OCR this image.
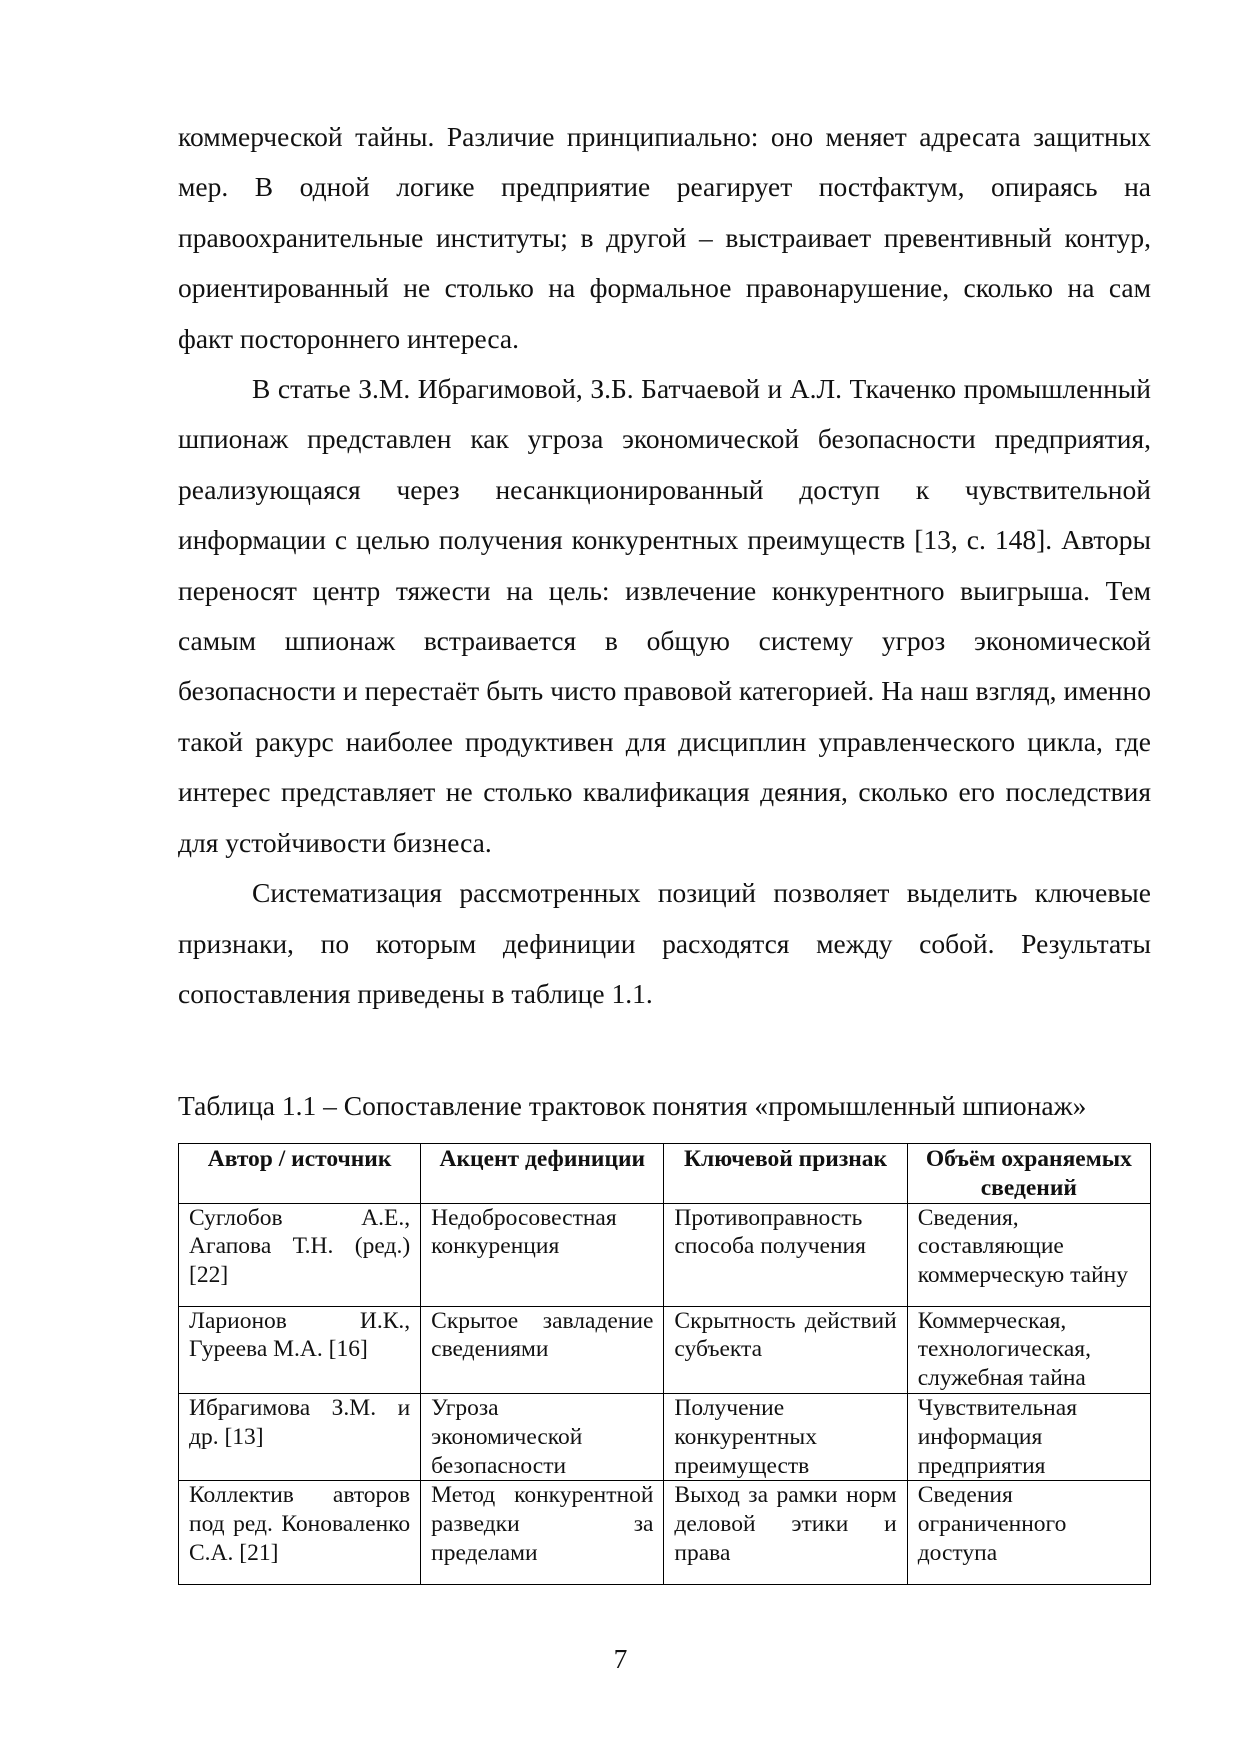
коммерческой тайны. Различие принципиально: оно меняет адресата защитных мер. В одной логике предприятие реагирует постфактум, опираясь на правоохранительные институты; в другой – выстраивает превентивный контур, ориентированный не столько на формальное правонарушение, сколько на сам факт постороннего интереса.

В статье З.М. Ибрагимовой, З.Б. Батчаевой и А.Л. Ткаченко промышленный шпионаж представлен как угроза экономической безопасности предприятия, реализующаяся через несанкционированный доступ к чувствительной информации с целью получения конкурентных преимуществ [13, с. 148]. Авторы переносят центр тяжести на цель: извлечение конкурентного выигрыша. Тем самым шпионаж встраивается в общую систему угроз экономической безопасности и перестаёт быть чисто правовой категорией. На наш взгляд, именно такой ракурс наиболее продуктивен для дисциплин управленческого цикла, где интерес представляет не столько квалификация деяния, сколько его последствия для устойчивости бизнеса.

Систематизация рассмотренных позиций позволяет выделить ключевые признаки, по которым дефиниции расходятся между собой. Результаты сопоставления приведены в таблице 1.1.

Таблица 1.1 – Сопоставление трактовок понятия «промышленный шпионаж»

Автор / источник	Акцент дефиниции	Ключевой признак	Объём охраняемых сведений
Суглобов А.Е., Агапова Т.Н. (ред.) [22]	Недобросовестная конкуренция	Противоправность способа получения	Сведения, составляющие коммерческую тайну
Ларионов И.К., Гуреева М.А. [16]	Скрытое завладение сведениями	Скрытность действий субъекта	Коммерческая, технологическая, служебная тайна
Ибрагимова З.М. и др. [13]	Угроза экономической безопасности	Получение конкурентных преимуществ	Чувствительная информация предприятия
Коллектив авторов под ред. Коноваленко С.А. [21]	Метод конкурентной разведки за пределами	Выход за рамки норм деловой этики и права	Сведения ограниченного доступа

7
